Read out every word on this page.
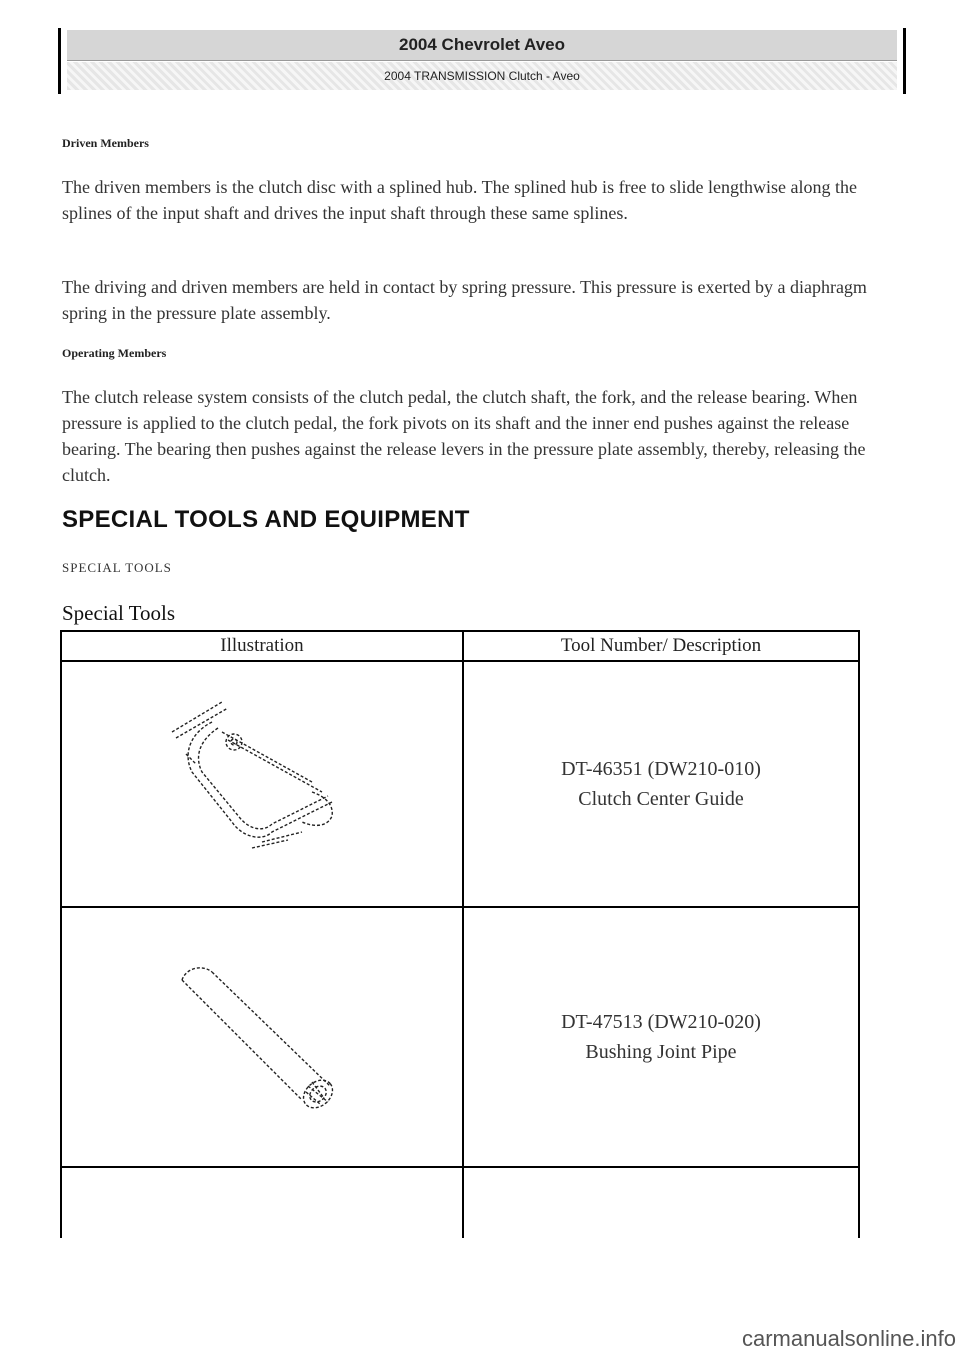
2004 Chevrolet Aveo
2004 TRANSMISSION Clutch - Aveo
Driven Members

The driven members is the clutch disc with a splined hub. The splined hub is free to slide lengthwise along the splines of the input shaft and drives the input shaft through these same splines.

The driving and driven members are held in contact by spring pressure. This pressure is exerted by a diaphragm spring in the pressure plate assembly.

Operating Members

The clutch release system consists of the clutch pedal, the clutch shaft, the fork, and the release bearing. When pressure is applied to the clutch pedal, the fork pivots on its shaft and the inner end pushes against the release bearing. The bearing then pushes against the release levers in the pressure plate assembly, thereby, releasing the clutch.

SPECIAL TOOLS AND EQUIPMENT
SPECIAL TOOLS
Special Tools
Illustration	Tool Number/ Description

DT-46351 (DW210-010)
Clutch Center Guide

DT-47513 (DW210-020)
Bushing Joint Pipe

carmanualsonline.info
